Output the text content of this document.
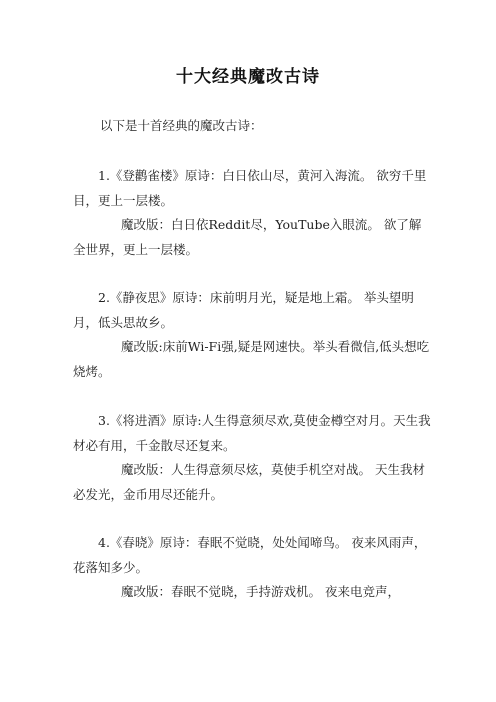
十大经典魔改古诗
以下是十首经典的魔改古诗：
1.《登鹳雀楼》原诗：白日依山尽，黄河入海流。 欲穷千里目，更上一层楼。
魔改版：白日依Reddit尽，YouTube入眼流。 欲了解全世界，更上一层楼。
2.《静夜思》原诗：床前明月光，疑是地上霜。 举头望明月，低头思故乡。
魔改版:床前Wi-Fi强,疑是网速快。举头看微信,低头想吃烧烤。
3.《将进酒》原诗:人生得意须尽欢,莫使金樽空对月。天生我材必有用，千金散尽还复来。
魔改版：人生得意须尽炫，莫使手机空对战。 天生我材必发光，金币用尽还能升。
4.《春晓》原诗：春眠不觉晓，处处闻啼鸟。 夜来风雨声，花落知多少。
魔改版：春眠不觉晓，手持游戏机。 夜来电竞声，
